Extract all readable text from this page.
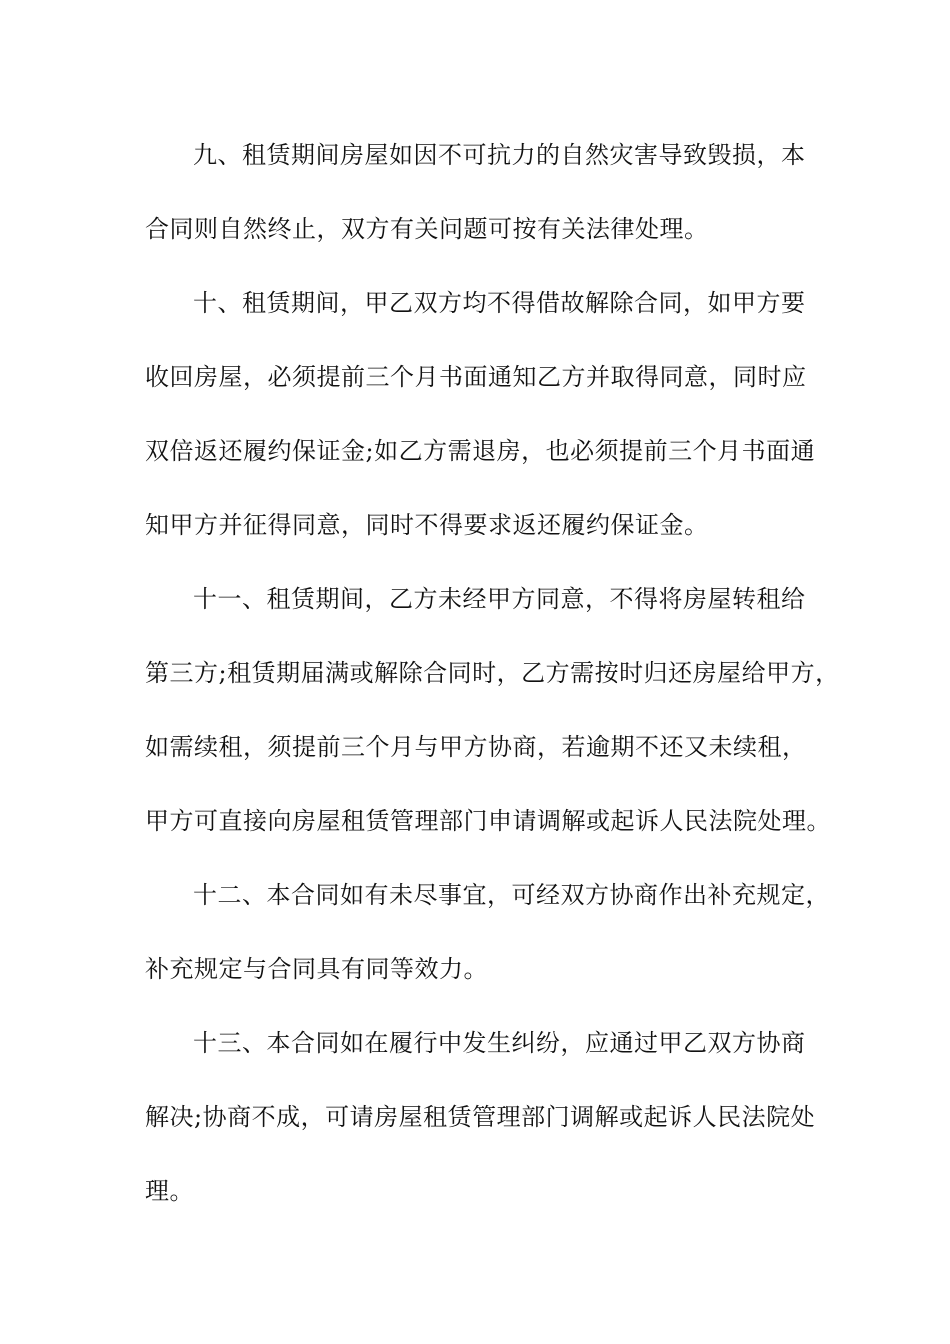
九、租赁期间房屋如因不可抗力的自然灾害导致毁损，本
合同则自然终止，双方有关问题可按有关法律处理。
十、租赁期间，甲乙双方均不得借故解除合同，如甲方要
收回房屋，必须提前三个月书面通知乙方并取得同意，同时应
双倍返还履约保证金;如乙方需退房，也必须提前三个月书面通
知甲方并征得同意，同时不得要求返还履约保证金。
十一、租赁期间，乙方未经甲方同意，不得将房屋转租给
第三方;租赁期届满或解除合同时，乙方需按时归还房屋给甲方，
如需续租，须提前三个月与甲方协商，若逾期不还又未续租，
甲方可直接向房屋租赁管理部门申请调解或起诉人民法院处理。
十二、本合同如有未尽事宜，可经双方协商作出补充规定，
补充规定与合同具有同等效力。
十三、本合同如在履行中发生纠纷，应通过甲乙双方协商
解决;协商不成，可请房屋租赁管理部门调解或起诉人民法院处
理。
